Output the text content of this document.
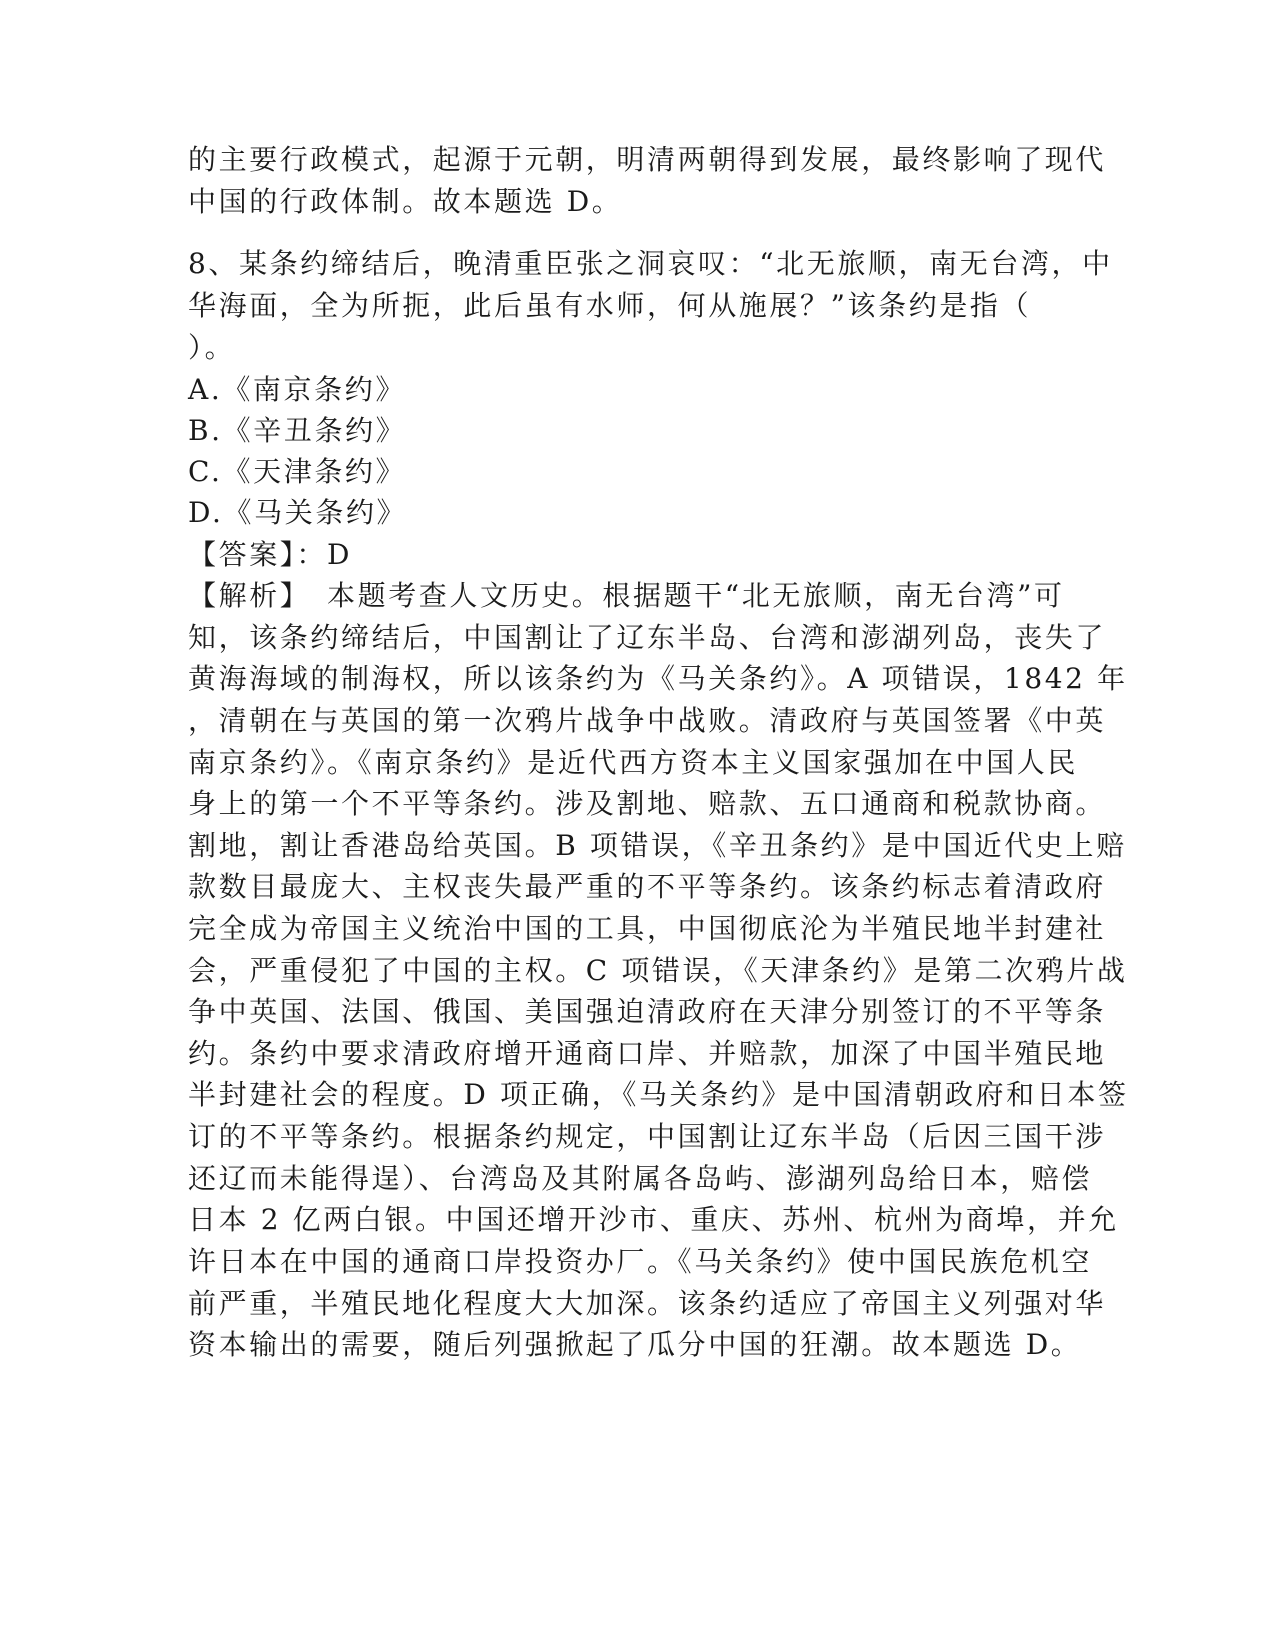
的主要行政模式，起源于元朝，明清两朝得到发展，最终影响了现代
中国的行政体制。故本题选 D。
8、某条约缔结后，晚清重臣张之洞哀叹：“北无旅顺，南无台湾，中
华海面，全为所扼，此后虽有水师，何从施展？”该条约是指（
）。
A.《南京条约》
B.《辛丑条约》
C.《天津条约》
D.《马关条约》
【答案】：D
【解析】　本题考查人文历史。根据题干“北无旅顺，南无台湾”可
知，该条约缔结后，中国割让了辽东半岛、台湾和澎湖列岛，丧失了
黄海海域的制海权，所以该条约为《马关条约》。A 项错误，1842 年
，清朝在与英国的第一次鸦片战争中战败。清政府与英国签署《中英
南京条约》。《南京条约》是近代西方资本主义国家强加在中国人民
身上的第一个不平等条约。涉及割地、赔款、五口通商和税款协商。
割地，割让香港岛给英国。B 项错误，《辛丑条约》是中国近代史上赔
款数目最庞大、主权丧失最严重的不平等条约。该条约标志着清政府
完全成为帝国主义统治中国的工具，中国彻底沦为半殖民地半封建社
会，严重侵犯了中国的主权。C 项错误，《天津条约》是第二次鸦片战
争中英国、法国、俄国、美国强迫清政府在天津分别签订的不平等条
约。条约中要求清政府增开通商口岸、并赔款，加深了中国半殖民地
半封建社会的程度。D 项正确，《马关条约》是中国清朝政府和日本签
订的不平等条约。根据条约规定，中国割让辽东半岛（后因三国干涉
还辽而未能得逞）、台湾岛及其附属各岛屿、澎湖列岛给日本，赔偿
日本 2 亿两白银。中国还增开沙市、重庆、苏州、杭州为商埠，并允
许日本在中国的通商口岸投资办厂。《马关条约》使中国民族危机空
前严重，半殖民地化程度大大加深。该条约适应了帝国主义列强对华
资本输出的需要，随后列强掀起了瓜分中国的狂潮。故本题选 D。
